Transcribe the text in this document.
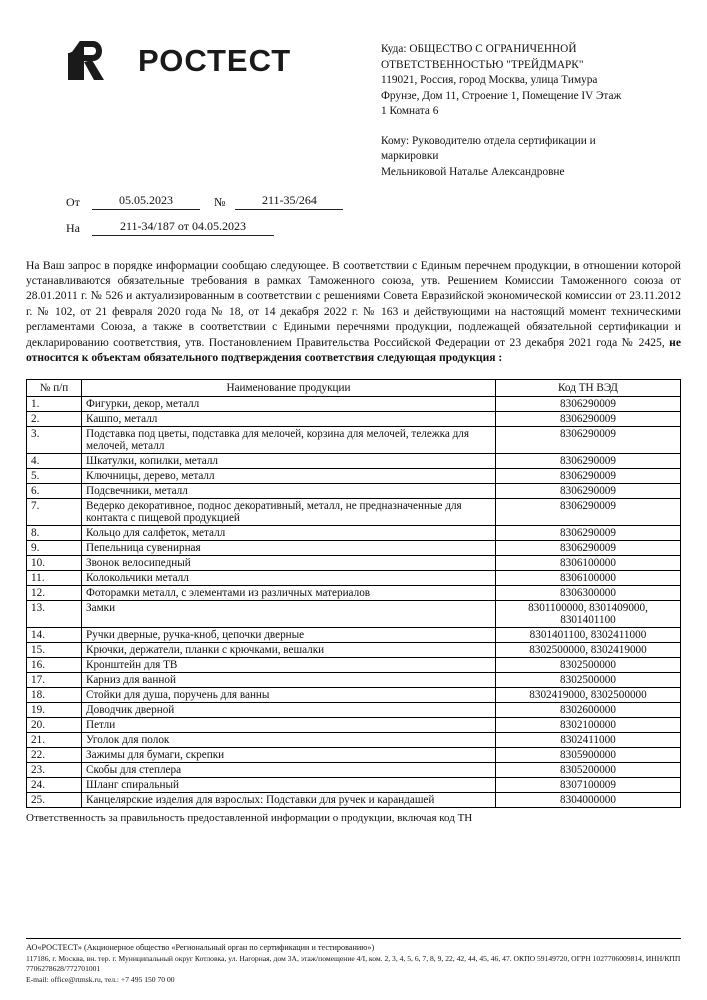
РОСТЕСТ	Куда: ОБЩЕСТВО С ОГРАНИЧЕННОЙ
ОТВЕТСТВЕННОСТЬЮ "ТРЕЙДМАРК"
119021, Россия, город Москва, улица Тимура
Фрунзе, Дом 11, Строение 1, Помещение IV Этаж
1 Комната 6
Кому: Руководителю отдела сертификации и
маркировки
Мельниковой Наталье Александровне
От	05.05.2023	№	211-35/264
На	211-34/187 от 04.05.2023
На Ваш запрос в порядке информации сообщаю следующее. В соответствии с Единым перечнем продукции, в отношении которой устанавливаются обязательные требования в рамках Таможенного союза, утв. Решением Комиссии Таможенного союза от 28.01.2011 г. № 526 и актуализированным в соответствии с решениями Совета Евразийской экономической комиссии от 23.11.2012 г. № 102, от 21 февраля 2020 года № 18, от 14 декабря 2022 г. № 163 и действующими на настоящий момент техническими регламентами Союза, а также в соответствии с Едиными перечнями продукции, подлежащей обязательной сертификации и декларированию соответствия, утв. Постановлением Правительства Российской Федерации от 23 декабря 2021 года № 2425, не относится к объектам обязательного подтверждения соответствия следующая продукция :
№ п/п	Наименование продукции	Код ТН ВЭД
1.	Фигурки, декор, металл	8306290009
2.	Кашпо, металл	8306290009
3.	Подставка под цветы, подставка для мелочей, корзина для мелочей, тележка для мелочей, металл	8306290009
4.	Шкатулки, копилки, металл	8306290009
5.	Ключницы, дерево, металл	8306290009
6.	Подсвечники, металл	8306290009
7.	Ведерко декоративное, поднос декоративный, металл, не предназначенные для контакта с пищевой продукцией	8306290009
8.	Кольцо для салфеток, металл	8306290009
9.	Пепельница сувенирная	8306290009
10.	Звонок велосипедный	8306100000
11.	Колокольчики металл	8306100000
12.	Фоторамки металл, с элементами из различных материалов	8306300000
13.	Замки	8301100000, 8301409000, 8301401100
14.	Ручки дверные, ручка-кноб, цепочки дверные	8301401100, 8302411000
15.	Крючки, держатели, планки с крючками, вешалки	8302500000, 8302419000
16.	Кронштейн для ТВ	8302500000
17.	Карниз для ванной	8302500000
18.	Стойки для душа, поручень для ванны	8302419000, 8302500000
19.	Доводчик дверной	8302600000
20.	Петли	8302100000
21.	Уголок для полок	8302411000
22.	Зажимы для бумаги, скрепки	8305900000
23.	Скобы для степлера	8305200000
24.	Шланг спиральный	8307100009
25.	Канцелярские изделия для взрослых: Подставки для ручек и карандашей	8304000000
Ответственность за правильность предоставленной информации о продукции, включая код ТН
АО«РОСТЕСТ» (Акционерное общество «Региональный орган по сертификации и тестированию»)
117186, г. Москва, вн. тер. г. Муниципальный округ Котловка, ул. Нагорная, дом 3А, этаж/помещение 4/I, ком. 2, 3, 4, 5, 6, 7, 8, 9, 22, 42, 44, 45, 46, 47. ОКПО 59149720, ОГРН 1027706009814, ИНН/КПП 7706278628/772701001
E-mail: office@rtmsk.ru, тел.: +7 495 150 70 00
